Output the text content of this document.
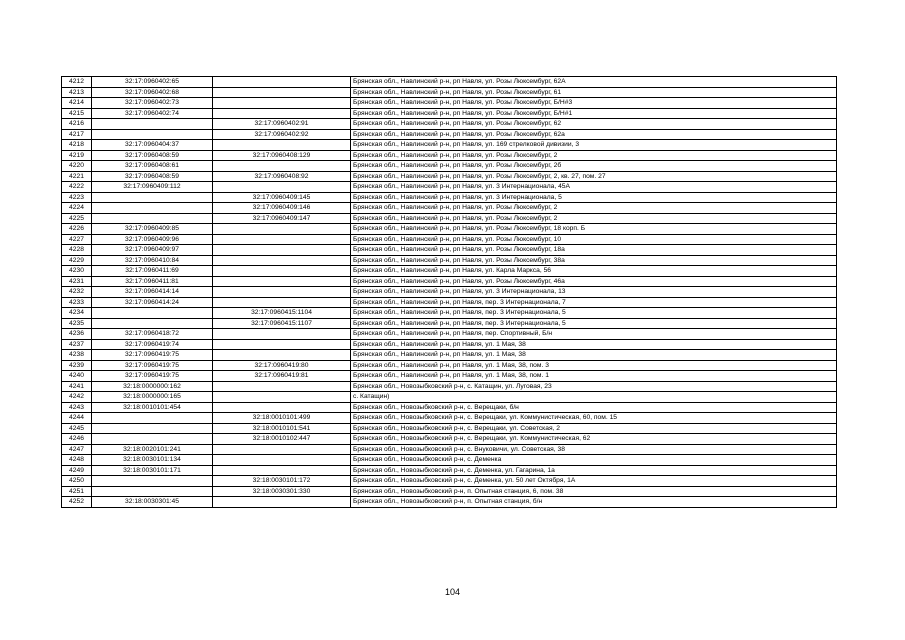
4212	32:17:0960402:65		Брянская обл., Навлинский р-н, рп Навля, ул. Розы Люксембург, 62А
4213	32:17:0960402:68		Брянская обл., Навлинский р-н, рп Навля, ул. Розы Люксембург, 61
4214	32:17:0960402:73		Брянская обл., Навлинский р-н, рп Навля, ул. Розы Люксембург, Б/Н#3
4215	32:17:0960402:74		Брянская обл., Навлинский р-н, рп Навля, ул. Розы Люксембург, Б/Н#1
4216		32:17:0960402:91	Брянская обл., Навлинский р-н, рп Навля, ул. Розы Люксембург, 62
4217		32:17:0960402:92	Брянская обл., Навлинский р-н, рп Навля, ул. Розы Люксембург, 62а
4218	32:17:0960404:37		Брянская обл., Навлинский р-н, рп Навля, ул. 169 стрелковой дивизии, 3
4219	32:17:0960408:59	32:17:0960408:129	Брянская обл., Навлинский р-н, рп Навля, ул. Розы Люксембург, 2
4220	32:17:0960408:61		Брянская обл., Навлинский р-н, рп Навля, ул. Розы Люксембург, 2б
4221	32:17:0960408:59	32:17:0960408:92	Брянская обл., Навлинский р-н, рп Навля, ул. Розы Люксембург, 2, кв. 27, пом. 27
4222	32:17:0960409:112		Брянская обл., Навлинский р-н, рп Навля, ул. 3 Интернационала, 45А
4223		32:17:0960409:145	Брянская обл., Навлинский р-н, рп Навля, ул. 3 Интернационала, 5
4224		32:17:0960409:146	Брянская обл., Навлинский р-н, рп Навля, ул. Розы Люксембург, 2
4225		32:17:0960409:147	Брянская обл., Навлинский р-н, рп Навля, ул. Розы Люксембург, 2
4226	32:17:0960409:85		Брянская обл., Навлинский р-н, рп Навля, ул. Розы Люксембург, 18 корп. Б
4227	32:17:0960409:96		Брянская обл., Навлинский р-н, рп Навля, ул. Розы Люксембург, 10
4228	32:17:0960409:97		Брянская обл., Навлинский р-н, рп Навля, ул. Розы Люксембург, 18а
4229	32:17:0960410:84		Брянская обл., Навлинский р-н, рп Навля, ул. Розы Люксембург, 38а
4230	32:17:0960411:69		Брянская обл., Навлинский р-н, рп Навля, ул. Карла Маркса, 56
4231	32:17:0960411:81		Брянская обл., Навлинский р-н, рп Навля, ул. Розы Люксембург, 46а
4232	32:17:0960414:14		Брянская обл., Навлинский р-н, рп Навля, ул. 3 Интернационала, 13
4233	32:17:0960414:24		Брянская обл., Навлинский р-н, рп Навля, пер. 3 Интернационала, 7
4234		32:17:0960415:1104	Брянская обл., Навлинский р-н, рп Навля, пер. 3 Интернационала, 5
4235		32:17:0960415:1107	Брянская обл., Навлинский р-н, рп Навля, пер. 3 Интернационала, 5
4236	32:17:0960418:72		Брянская обл., Навлинский р-н, рп Навля, пер. Спортивный, Б/н
4237	32:17:0960419:74		Брянская обл., Навлинский р-н, рп Навля, ул. 1 Мая, 38
4238	32:17:0960419:75		Брянская обл., Навлинский р-н, рп Навля, ул. 1 Мая, 38
4239	32:17:0960419:75	32:17:0960419:80	Брянская обл., Навлинский р-н, рп Навля, ул. 1 Мая, 38, пом. 3
4240	32:17:0960419:75	32:17:0960419:81	Брянская обл., Навлинский р-н, рп Навля, ул. 1 Мая, 38, пом. 1
4241	32:18:0000000:162		Брянская обл., Новозыбковский р-н, с. Катащин, ул. Луговая, 23
4242	32:18:0000000:165		с. Катащин)
4243	32:18:0010101:454		Брянская обл., Новозыбковский р-н, с. Верещаки, б/н
4244		32:18:0010101:499	Брянская обл., Новозыбковский р-н, с. Верещаки, ул. Коммунистическая, 60, пом. 15
4245		32:18:0010101:541	Брянская обл., Новозыбковский р-н, с. Верещаки, ул. Советская, 2
4246		32:18:0010102:447	Брянская обл., Новозыбковский р-н, с. Верещаки, ул. Коммунистическая, 62
4247	32:18:0020101:241		Брянская обл., Новозыбковский р-н, с. Внуковичи, ул. Советская, 38
4248	32:18:0030101:134		Брянская обл., Новозыбковский р-н, с. Деменка
4249	32:18:0030101:171		Брянская обл., Новозыбковский р-н, с. Деменка, ул. Гагарина, 1а
4250		32:18:0030101:172	Брянская обл., Новозыбковский р-н, с. Деменка, ул. 50 лет Октября, 1А
4251		32:18:0030301:330	Брянская обл., Новозыбковский р-н, п. Опытная станция, 6, пом. 38
4252	32:18:0030301:45		Брянская обл., Новозыбковский р-н, п. Опытная станция, б/н
104
